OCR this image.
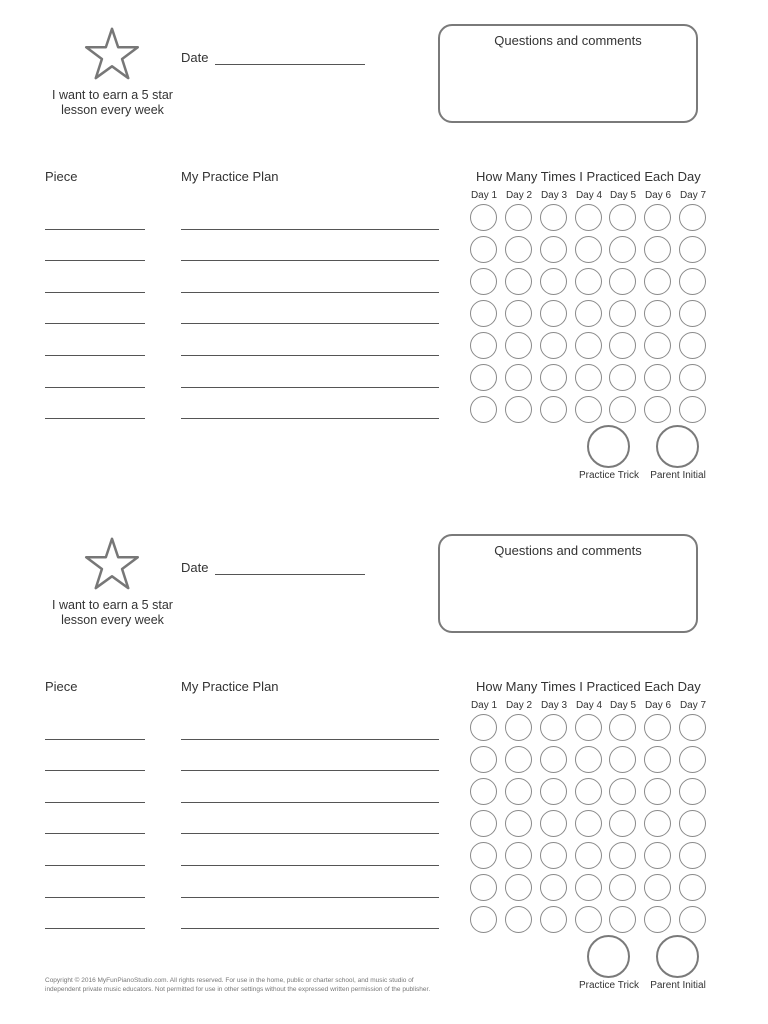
I want to earn a 5 star
lesson every week
Date
Questions and comments
Piece	My Practice Plan	How Many Times I Practiced Each Day
Day 1 Day 2 Day 3 Day 4 Day 5 Day 6 Day 7
Practice Trick	Parent Initial
I want to earn a 5 star
lesson every week
Date
Questions and comments
Piece	My Practice Plan	How Many Times I Practiced Each Day
Day 1 Day 2 Day 3 Day 4 Day 5 Day 6 Day 7
Practice Trick	Parent Initial
Copyright © 2016 MyFunPianoStudio.com. All rights reserved. For use in the home, public or charter school, and music studio of
independent private music educators. Not permitted for use in other settings without the expressed written permission of the publisher.
